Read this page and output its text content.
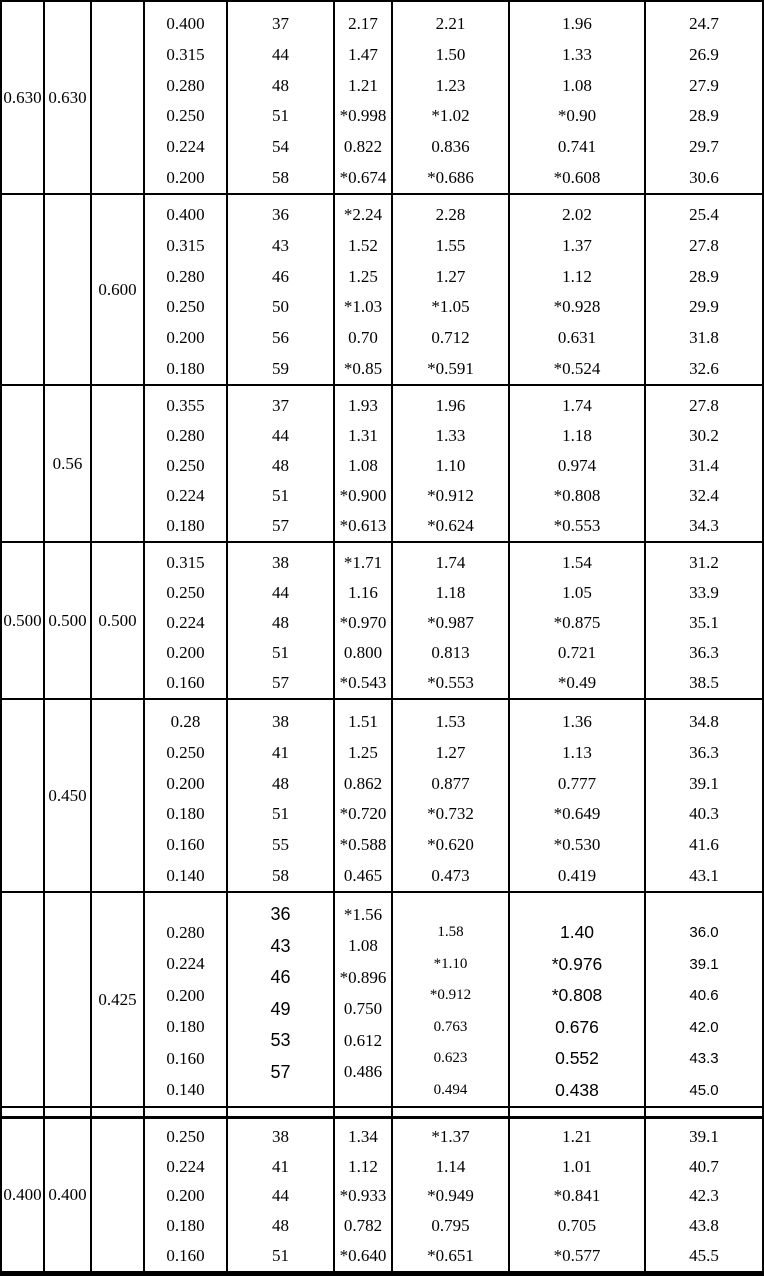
0.630 0.630
0.400
0.315
0.280
0.250
0.224
0.200
37
44
48
51
54
58
2.17
1.47
1.21
*0.998
0.822
*0.674
2.21
1.50
1.23
*1.02
0.836
*0.686
1.96
1.33
1.08
*0.90
0.741
*0.608
24.7
26.9
27.9
28.9
29.7
30.6
0.600
0.400
0.315
0.280
0.250
0.200
0.180
36
43
46
50
56
59
*2.24
1.52
1.25
*1.03
0.70
*0.85
2.28
1.55
1.27
*1.05
0.712
*0.591
2.02
1.37
1.12
*0.928
0.631
*0.524
25.4
27.8
28.9
29.9
31.8
32.6
0.56
0.355
0.280
0.250
0.224
0.180
37
44
48
51
57
1.93
1.31
1.08
*0.900
*0.613
1.96
1.33
1.10
*0.912
*0.624
1.74
1.18
0.974
*0.808
*0.553
27.8
30.2
31.4
32.4
34.3
0.500 0.500 0.500
0.315
0.250
0.224
0.200
0.160
38
44
48
51
57
*1.71
1.16
*0.970
0.800
*0.543
1.74
1.18
*0.987
0.813
*0.553
1.54
1.05
*0.875
0.721
*0.49
31.2
33.9
35.1
36.3
38.5
0.450
0.28
0.250
0.200
0.180
0.160
0.140
38
41
48
51
55
58
1.51
1.25
0.862
*0.720
*0.588
0.465
1.53
1.27
0.877
*0.732
*0.620
0.473
1.36
1.13
0.777
*0.649
*0.530
0.419
34.8
36.3
39.1
40.3
41.6
43.1
0.425
0.280
0.224
0.200
0.180
0.160
0.140
36
43
46
49
53
57
*1.56
1.08
*0.896
0.750
0.612
0.486
1.58
*1.10
*0.912
0.763
0.623
0.494
1.40
*0.976
*0.808
0.676
0.552
0.438
36.0
39.1
40.6
42.0
43.3
45.0
0.400 0.400
0.250
0.224
0.200
0.180
0.160
38
41
44
48
51
1.34
1.12
*0.933
0.782
*0.640
*1.37
1.14
*0.949
0.795
*0.651
1.21
1.01
*0.841
0.705
*0.577
39.1
40.7
42.3
43.8
45.5
